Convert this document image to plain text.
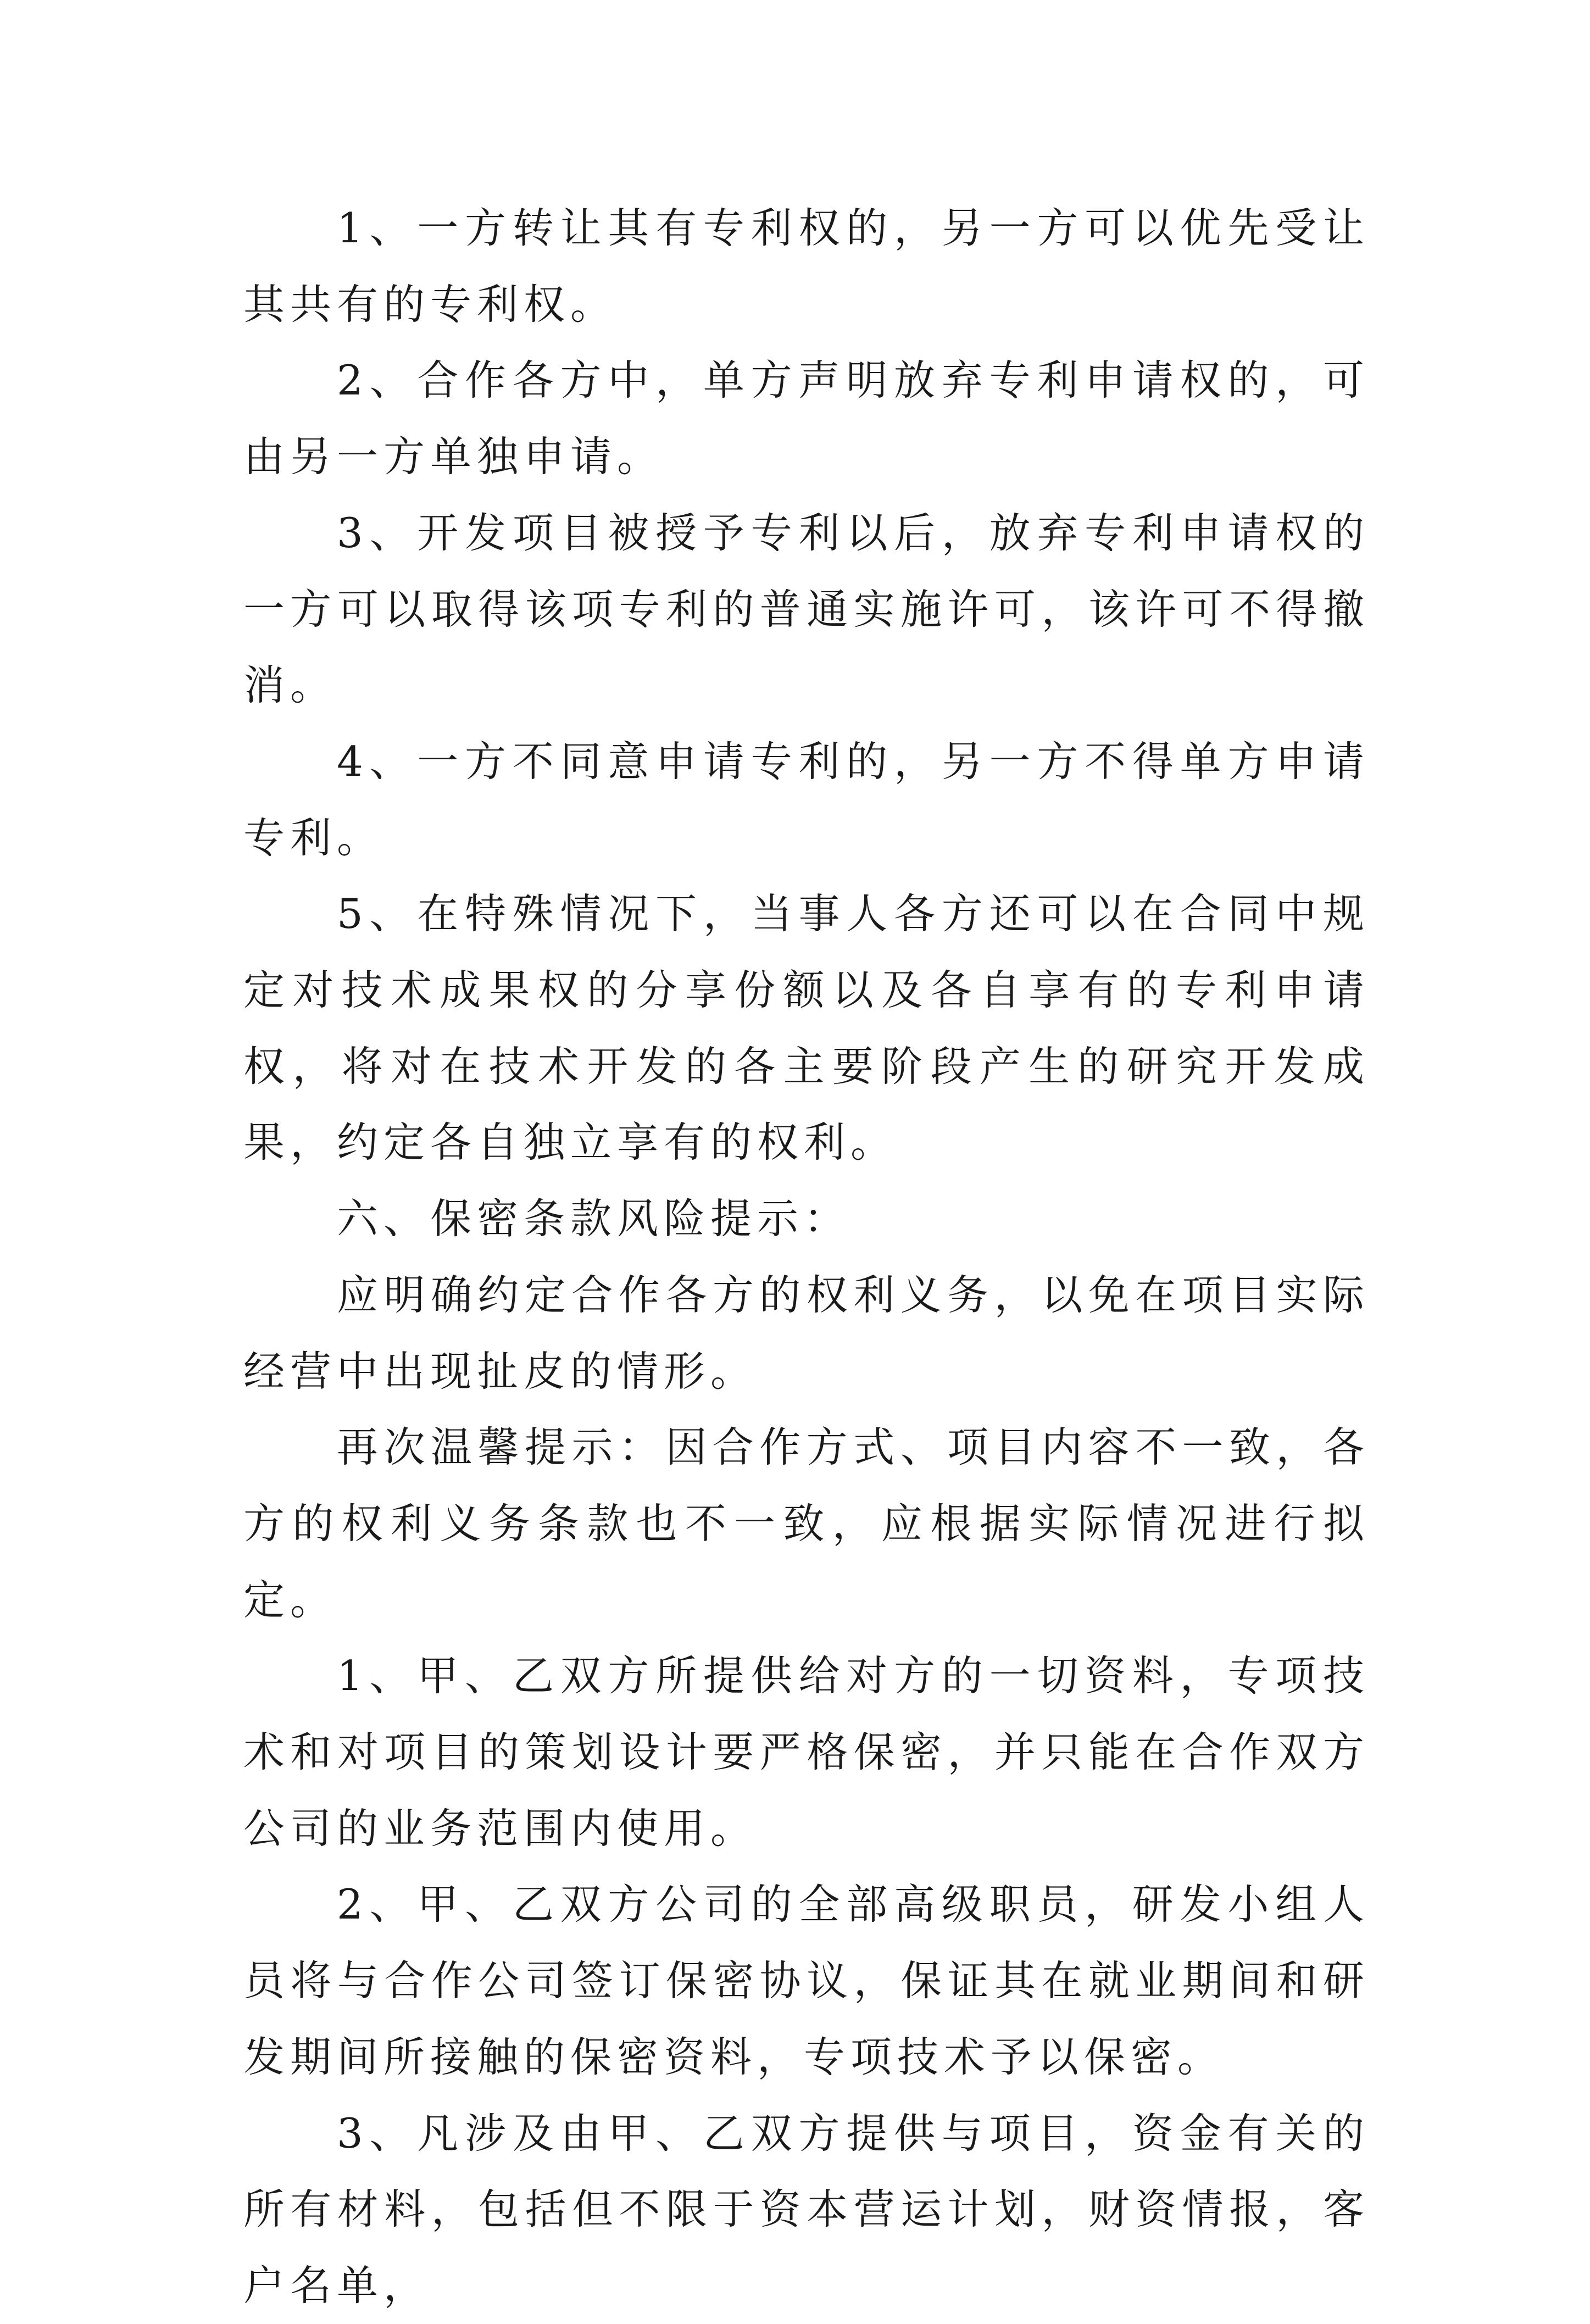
1、一方转让其有专利权的，另一方可以优先受让其共有的专利权。

2、合作各方中，单方声明放弃专利申请权的，可由另一方单独申请。

3、开发项目被授予专利以后，放弃专利申请权的一方可以取得该项专利的普通实施许可，该许可不得撤消。

4、一方不同意申请专利的，另一方不得单方申请专利。

5、在特殊情况下，当事人各方还可以在合同中规定对技术成果权的分享份额以及各自享有的专利申请权，将对在技术开发的各主要阶段产生的研究开发成果，约定各自独立享有的权利。

六、保密条款风险提示：

应明确约定合作各方的权利义务，以免在项目实际经营中出现扯皮的情形。

再次温馨提示：因合作方式、项目内容不一致，各方的权利义务条款也不一致，应根据实际情况进行拟定。

1、甲、乙双方所提供给对方的一切资料，专项技术和对项目的策划设计要严格保密，并只能在合作双方公司的业务范围内使用。

2、甲、乙双方公司的全部高级职员，研发小组人员将与合作公司签订保密协议，保证其在就业期间和研发期间所接触的保密资料，专项技术予以保密。

3、凡涉及由甲、乙双方提供与项目，资金有关的所有材料，包括但不限于资本营运计划，财资情报，客户名单，
